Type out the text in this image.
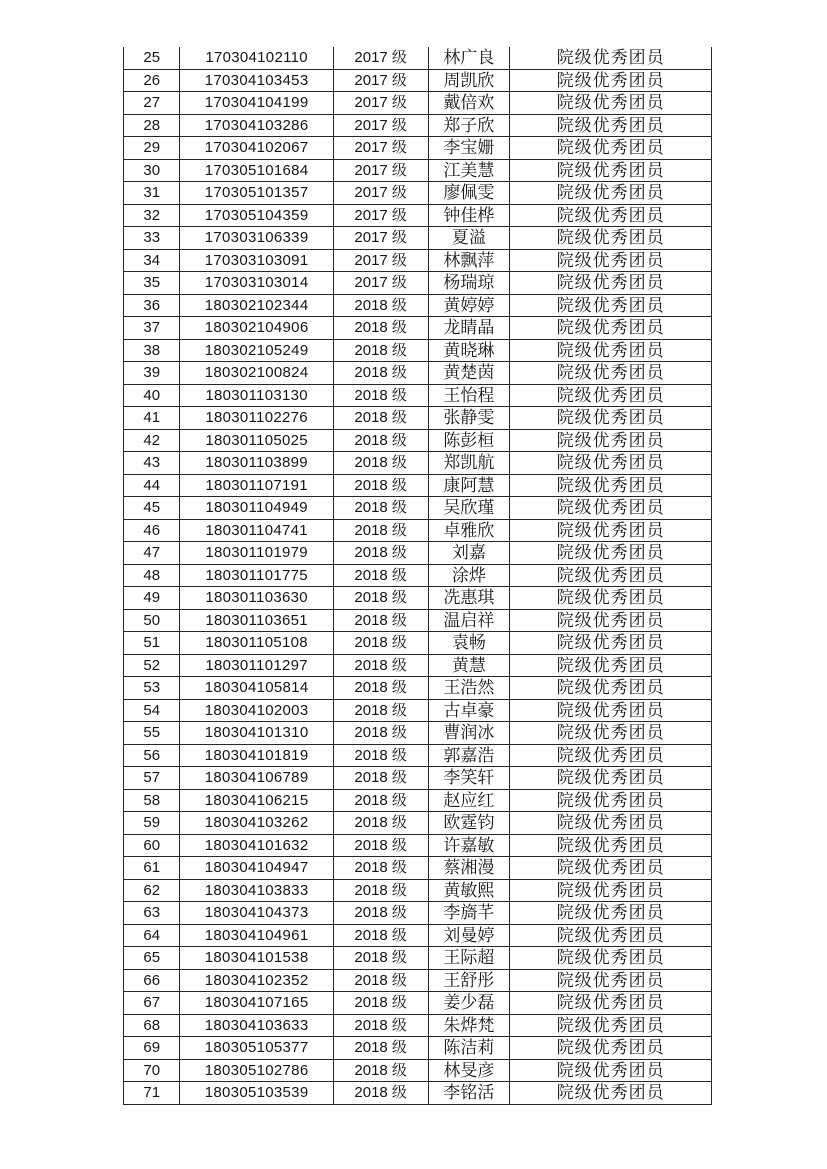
25	170304102110	2017 级	林广良	院级优秀团员
26	170304103453	2017 级	周凯欣	院级优秀团员
27	170304104199	2017 级	戴倍欢	院级优秀团员
28	170304103286	2017 级	郑子欣	院级优秀团员
29	170304102067	2017 级	李宝姗	院级优秀团员
30	170305101684	2017 级	江美慧	院级优秀团员
31	170305101357	2017 级	廖佩雯	院级优秀团员
32	170305104359	2017 级	钟佳桦	院级优秀团员
33	170303106339	2017 级	夏溢	院级优秀团员
34	170303103091	2017 级	林飘萍	院级优秀团员
35	170303103014	2017 级	杨瑞琼	院级优秀团员
36	180302102344	2018 级	黄婷婷	院级优秀团员
37	180302104906	2018 级	龙睛晶	院级优秀团员
38	180302105249	2018 级	黄晓琳	院级优秀团员
39	180302100824	2018 级	黄楚茵	院级优秀团员
40	180301103130	2018 级	王怡程	院级优秀团员
41	180301102276	2018 级	张静雯	院级优秀团员
42	180301105025	2018 级	陈彭桓	院级优秀团员
43	180301103899	2018 级	郑凯航	院级优秀团员
44	180301107191	2018 级	康阿慧	院级优秀团员
45	180301104949	2018 级	吴欣瑾	院级优秀团员
46	180301104741	2018 级	卓雅欣	院级优秀团员
47	180301101979	2018 级	刘嘉	院级优秀团员
48	180301101775	2018 级	涂烨	院级优秀团员
49	180301103630	2018 级	冼惠琪	院级优秀团员
50	180301103651	2018 级	温启祥	院级优秀团员
51	180301105108	2018 级	袁畅	院级优秀团员
52	180301101297	2018 级	黄慧	院级优秀团员
53	180304105814	2018 级	王浩然	院级优秀团员
54	180304102003	2018 级	古卓豪	院级优秀团员
55	180304101310	2018 级	曹润冰	院级优秀团员
56	180304101819	2018 级	郭嘉浩	院级优秀团员
57	180304106789	2018 级	李笑轩	院级优秀团员
58	180304106215	2018 级	赵应红	院级优秀团员
59	180304103262	2018 级	欧霆钧	院级优秀团员
60	180304101632	2018 级	许嘉敏	院级优秀团员
61	180304104947	2018 级	蔡湘漫	院级优秀团员
62	180304103833	2018 级	黄敏熙	院级优秀团员
63	180304104373	2018 级	李旖芊	院级优秀团员
64	180304104961	2018 级	刘曼婷	院级优秀团员
65	180304101538	2018 级	王际超	院级优秀团员
66	180304102352	2018 级	王舒彤	院级优秀团员
67	180304107165	2018 级	姜少磊	院级优秀团员
68	180304103633	2018 级	朱烨梵	院级优秀团员
69	180305105377	2018 级	陈洁莉	院级优秀团员
70	180305102786	2018 级	林旻彦	院级优秀团员
71	180305103539	2018 级	李铭活	院级优秀团员
